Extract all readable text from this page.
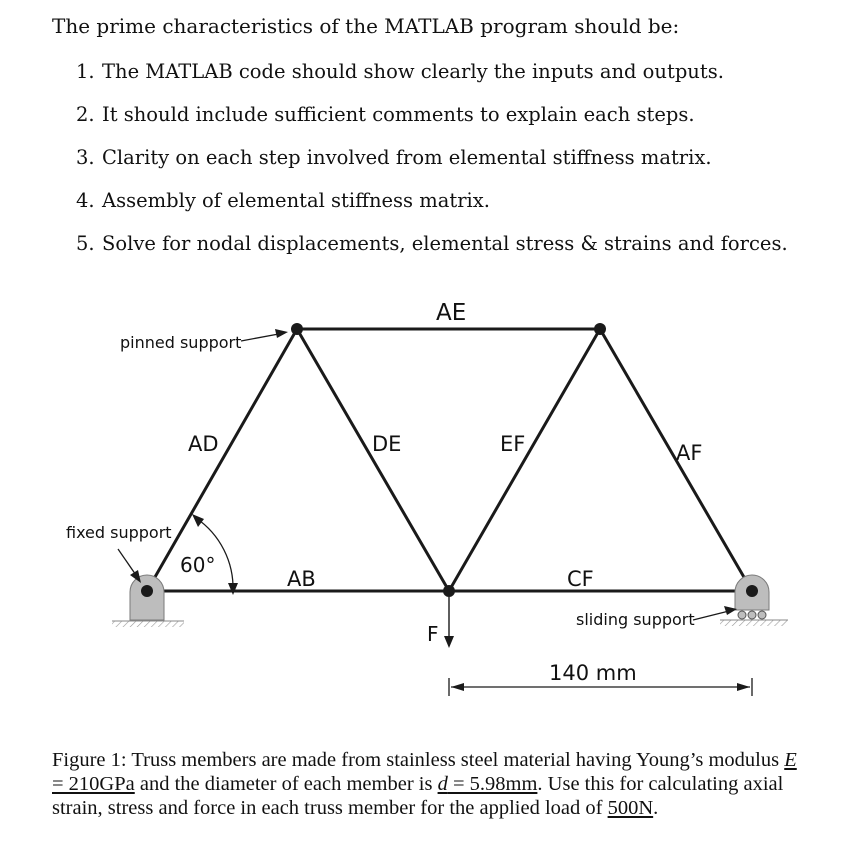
The prime characteristics of the MATLAB program should be:
1. The MATLAB code should show clearly the inputs and outputs.
2. It should include sufficient comments to explain each steps.
3. Clarity on each step involved from elemental stiffness matrix.
4. Assembly of elemental stiffness matrix.
5. Solve for nodal displacements, elemental stress & strains and forces.
pinned support
fixed support
sliding support
AE
AD	DE	EF	AF
AB	CF
60°
F
140 mm
Figure 1: Truss members are made from stainless steel material having Young’s modulus E = 210GPa and the diameter of each member is d = 5.98mm. Use this for calculating axial strain, stress and force in each truss member for the applied load of 500N.
